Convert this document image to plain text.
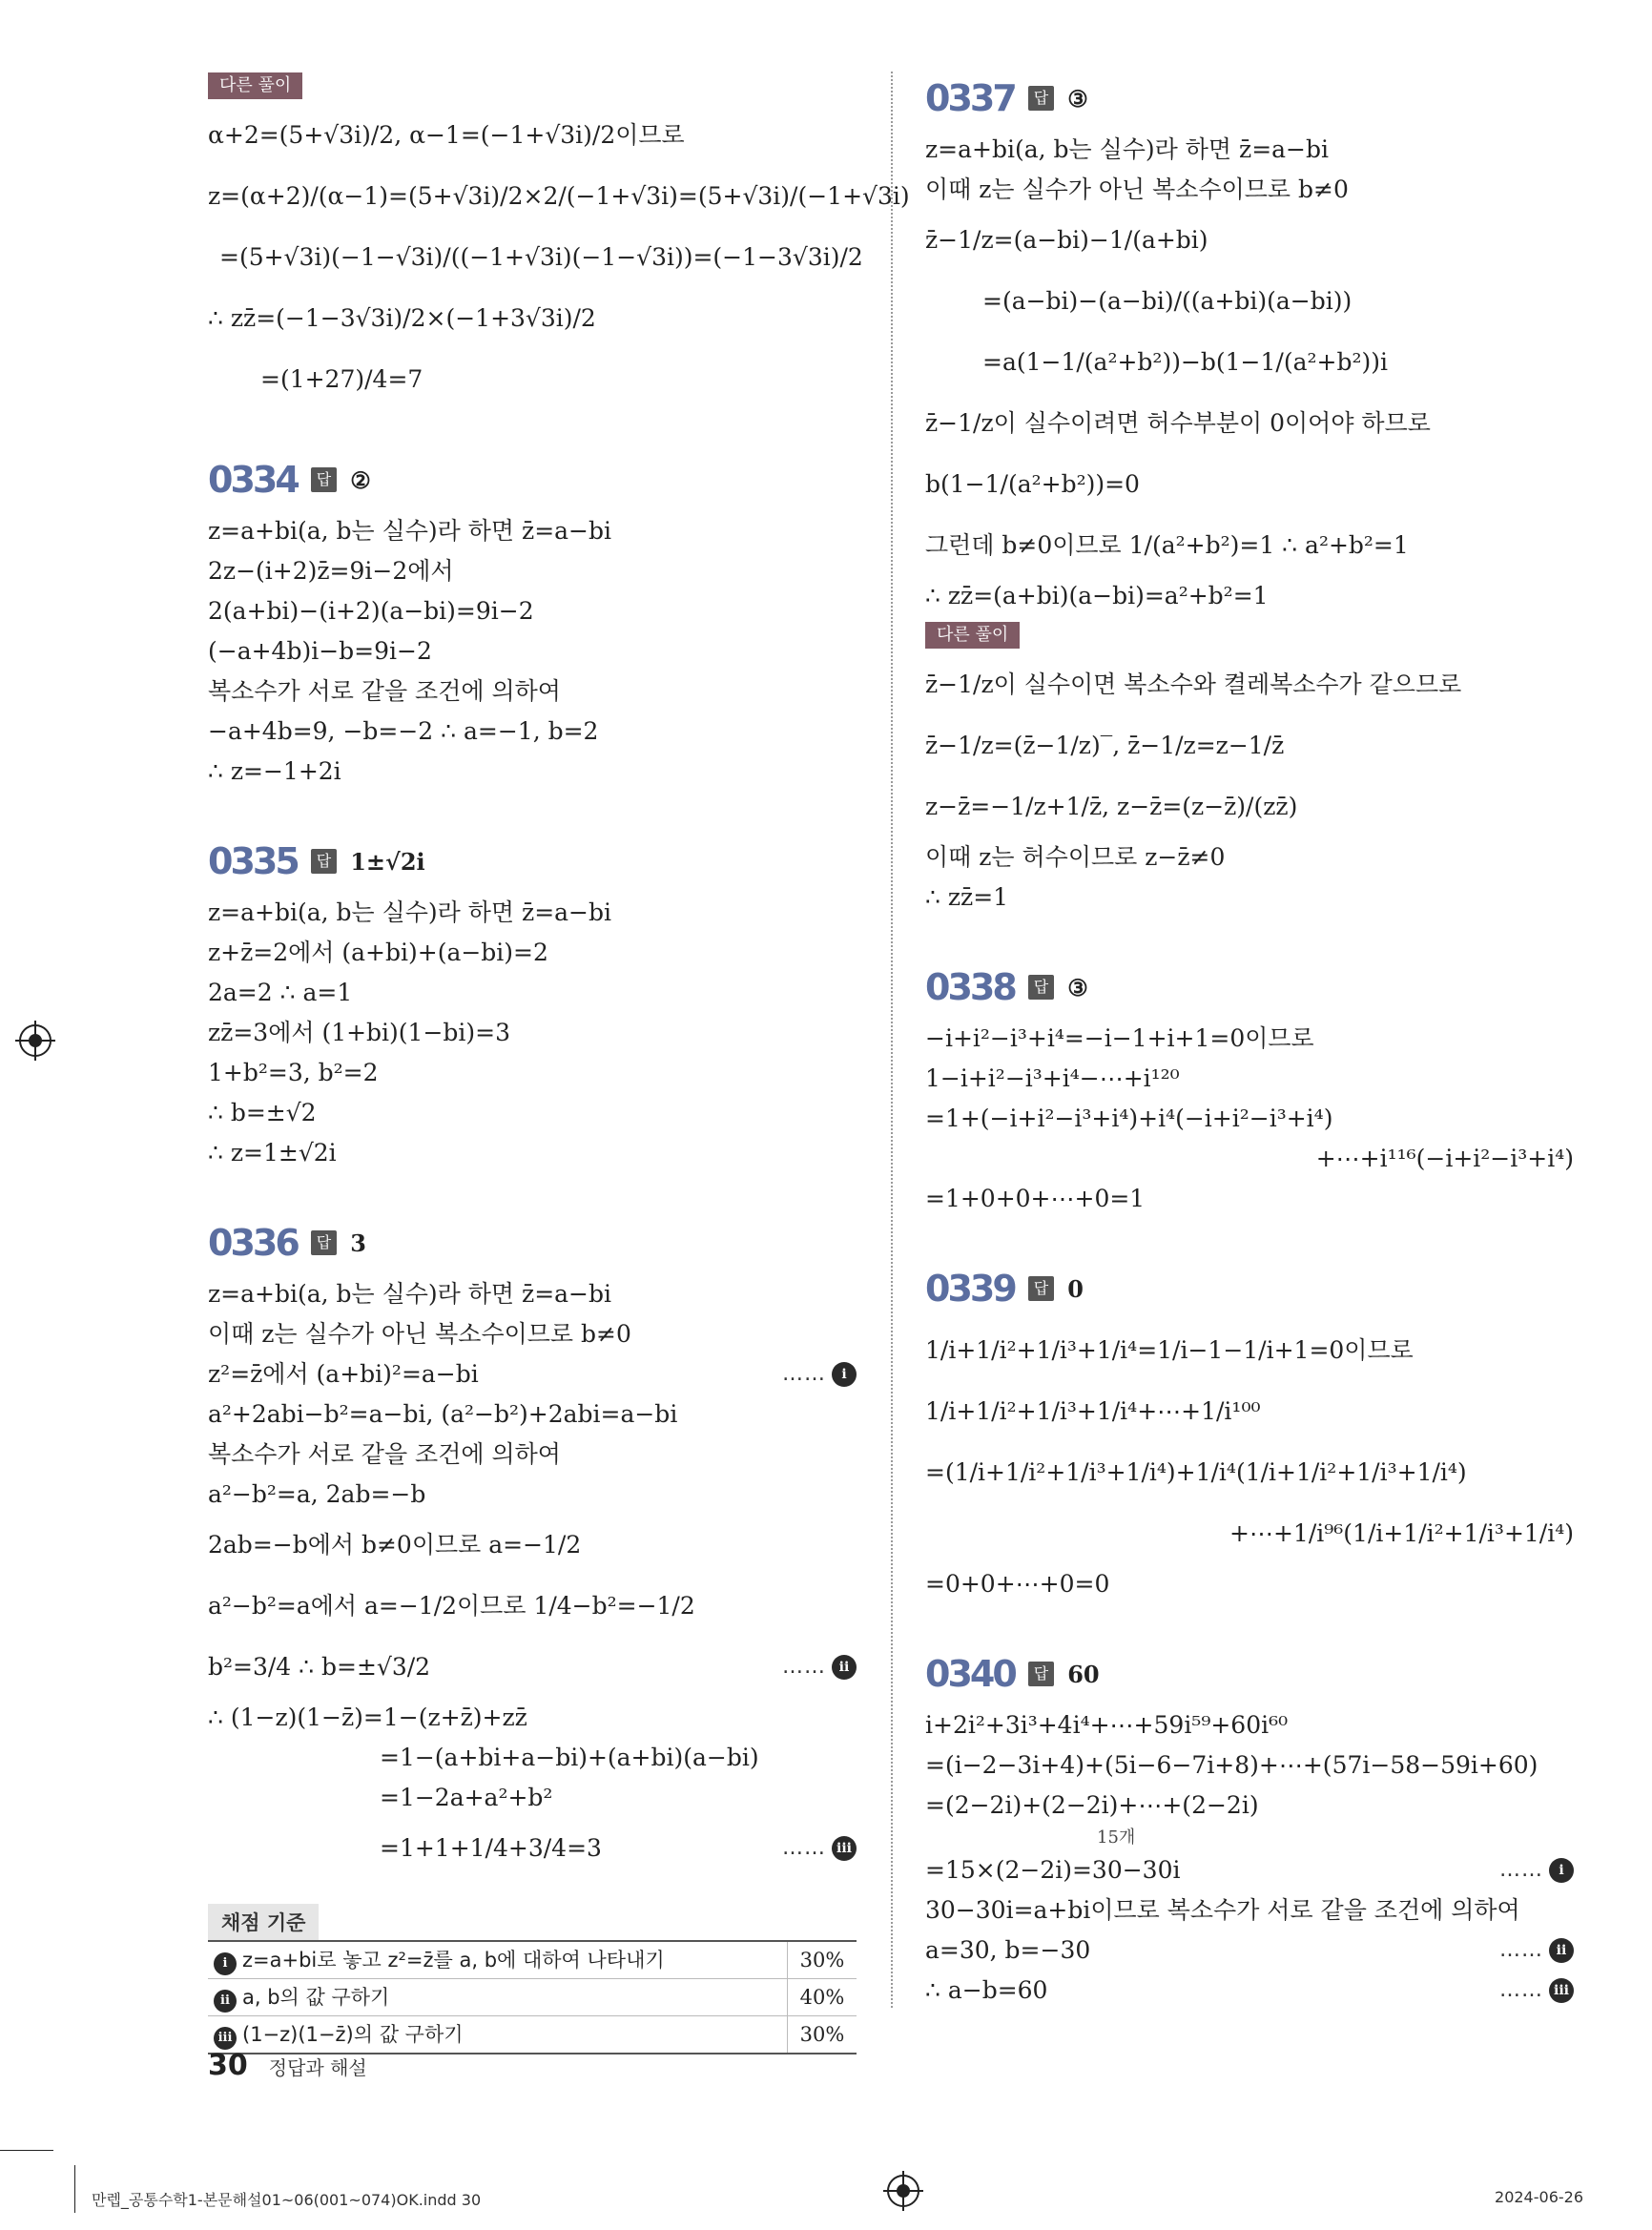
다른 풀이
α+2=(5+√3i)/2, α−1=(−1+√3i)/2이므로
z=(α+2)/(α−1)=(5+√3i)/2×2/(−1+√3i)=(5+√3i)/(−1+√3i)
=(5+√3i)(−1−√3i)/((−1+√3i)(−1−√3i))=(−1−3√3i)/2
∴ zz̄=(−1−3√3i)/2×(−1+3√3i)/2
=(1+27)/4=7
0334	답 ②
z=a+bi(a, b는 실수)라 하면 z̄=a−bi
2z−(i+2)z̄=9i−2에서
2(a+bi)−(i+2)(a−bi)=9i−2
(−a+4b)i−b=9i−2
복소수가 서로 같을 조건에 의하여
−a+4b=9, −b=−2 ∴ a=−1, b=2
∴ z=−1+2i
0335	답 1±√2i
z=a+bi(a, b는 실수)라 하면 z̄=a−bi
z+z̄=2에서 (a+bi)+(a−bi)=2
2a=2 ∴ a=1
zz̄=3에서 (1+bi)(1−bi)=3
1+b²=3, b²=2
∴ b=±√2
∴ z=1±√2i
0336	답 3
z=a+bi(a, b는 실수)라 하면 z̄=a−bi
이때 z는 실수가 아닌 복소수이므로 b≠0
z²=z̄에서 (a+bi)²=a−bi	…… i
a²+2abi−b²=a−bi, (a²−b²)+2abi=a−bi
복소수가 서로 같을 조건에 의하여
a²−b²=a, 2ab=−b
2ab=−b에서 b≠0이므로 a=−1/2
a²−b²=a에서 a=−1/2이므로 1/4−b²=−1/2
b²=3/4 ∴ b=±√3/2	…… ii
∴ (1−z)(1−z̄)=1−(z+z̄)+zz̄
=1−(a+bi+a−bi)+(a+bi)(a−bi)
=1−2a+a²+b²
=1+1+1/4+3/4=3	…… iii
채점 기준
i z=a+bi로 놓고 z²=z̄를 a, b에 대하여 나타내기	30%
ii a, b의 값 구하기	40%
iii (1−z)(1−z̄)의 값 구하기	30%
0337	답 ③
z=a+bi(a, b는 실수)라 하면 z̄=a−bi
이때 z는 실수가 아닌 복소수이므로 b≠0
z̄−1/z=(a−bi)−1/(a+bi)
=(a−bi)−(a−bi)/((a+bi)(a−bi))
=a(1−1/(a²+b²))−b(1−1/(a²+b²))i
z̄−1/z이 실수이려면 허수부분이 0이어야 하므로
b(1−1/(a²+b²))=0
그런데 b≠0이므로 1/(a²+b²)=1 ∴ a²+b²=1
∴ zz̄=(a+bi)(a−bi)=a²+b²=1
다른 풀이
z̄−1/z이 실수이면 복소수와 켤레복소수가 같으므로
z̄−1/z=(z̄−1/z)‾, z̄−1/z=z−1/z̄
z−z̄=−1/z+1/z̄, z−z̄=(z−z̄)/(zz̄)
이때 z는 허수이므로 z−z̄≠0
∴ zz̄=1
0338	답 ③
−i+i²−i³+i⁴=−i−1+i+1=0이므로
1−i+i²−i³+i⁴−⋯+i¹²⁰
=1+(−i+i²−i³+i⁴)+i⁴(−i+i²−i³+i⁴)
+⋯+i¹¹⁶(−i+i²−i³+i⁴)
=1+0+0+⋯+0=1
0339	답 0
1/i+1/i²+1/i³+1/i⁴=1/i−1−1/i+1=0이므로
1/i+1/i²+1/i³+1/i⁴+⋯+1/i¹⁰⁰
=(1/i+1/i²+1/i³+1/i⁴)+1/i⁴(1/i+1/i²+1/i³+1/i⁴)
+⋯+1/i⁹⁶(1/i+1/i²+1/i³+1/i⁴)
=0+0+⋯+0=0
0340	답 60
i+2i²+3i³+4i⁴+⋯+59i⁵⁹+60i⁶⁰
=(i−2−3i+4)+(5i−6−7i+8)+⋯+(57i−58−59i+60)
=(2−2i)+(2−2i)+⋯+(2−2i)
15개
=15×(2−2i)=30−30i	…… i
30−30i=a+bi이므로 복소수가 서로 같을 조건에 의하여
a=30, b=−30	…… ii
∴ a−b=60	…… iii
30 정답과 해설
만렙_공통수학1-본문해설01~06(001~074)OK.indd 30	2024-06-26
